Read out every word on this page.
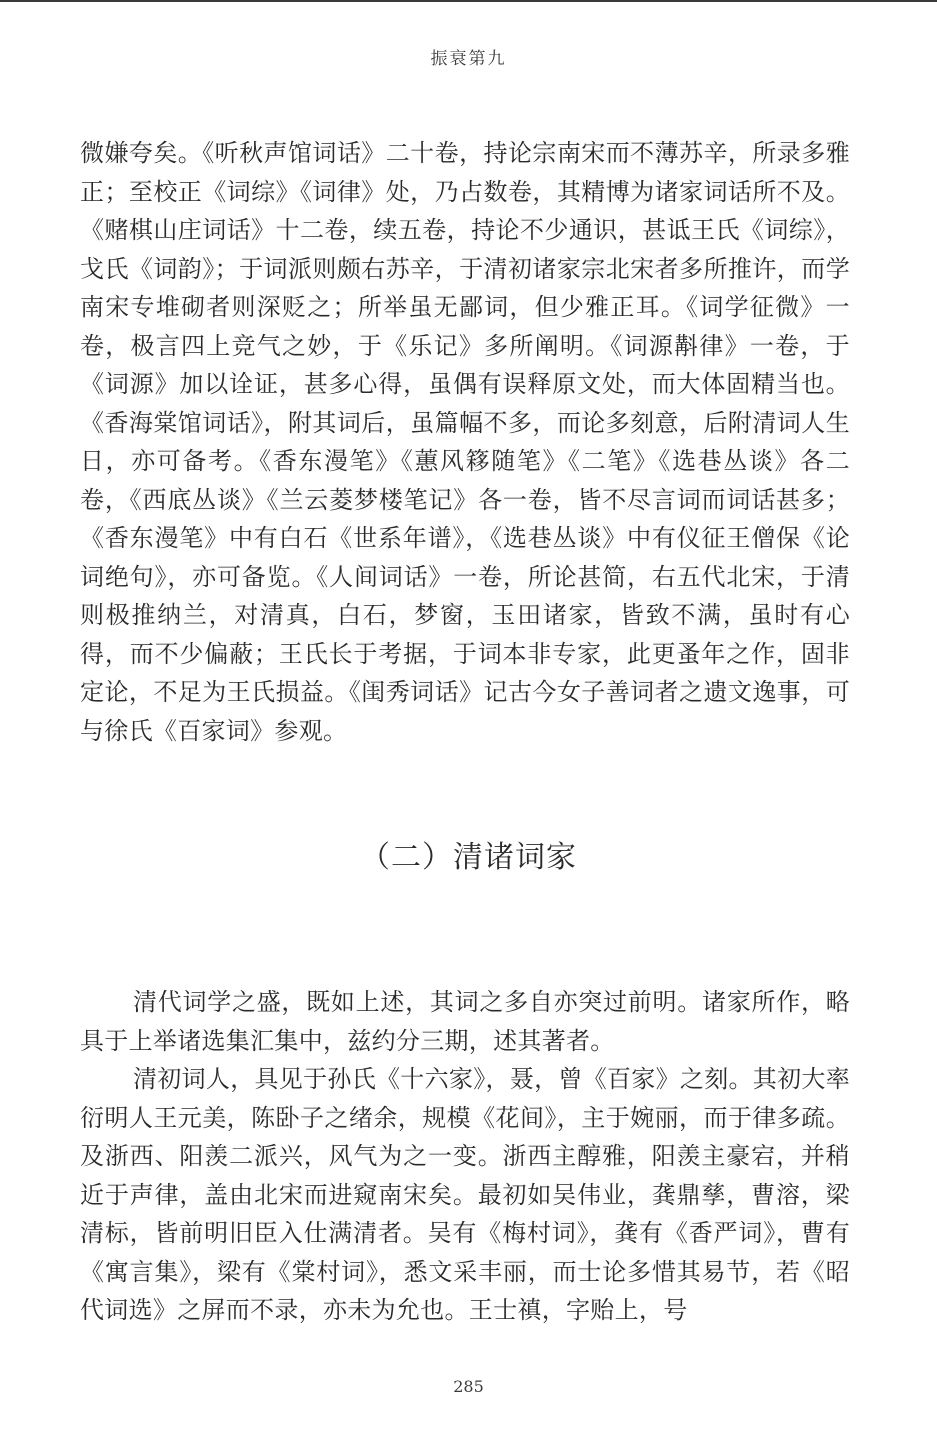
振衰第九

微嫌夸矣。《听秋声馆词话》二十卷，持论宗南宋而不薄苏辛，所录多雅正；至校正《词综》《词律》处，乃占数卷，其精博为诸家词话所不及。《赌棋山庄词话》十二卷，续五卷，持论不少通识，甚诋王氏《词综》，戈氏《词韵》；于词派则颇右苏辛，于清初诸家宗北宋者多所推许，而学南宋专堆砌者则深贬之；所举虽无鄙词，但少雅正耳。《词学征微》一卷，极言四上竞气之妙，于《乐记》多所阐明。《词源斠律》一卷，于《词源》加以诠证，甚多心得，虽偶有误释原文处，而大体固精当也。《香海棠馆词话》，附其词后，虽篇幅不多，而论多刻意，后附清词人生日，亦可备考。《香东漫笔》《蕙风簃随笔》《二笔》《选巷丛谈》各二卷，《西底丛谈》《兰云菱梦楼笔记》各一卷，皆不尽言词而词话甚多；《香东漫笔》中有白石《世系年谱》，《选巷丛谈》中有仪征王僧保《论词绝句》，亦可备览。《人间词话》一卷，所论甚简，右五代北宋，于清则极推纳兰，对清真，白石，梦窗，玉田诸家，皆致不满，虽时有心得，而不少偏蔽；王氏长于考据，于词本非专家，此更蚤年之作，固非定论，不足为王氏损益。《闺秀词话》记古今女子善词者之遗文逸事，可与徐氏《百家词》参观。

（二）清诸词家

清代词学之盛，既如上述，其词之多自亦突过前明。诸家所作，略具于上举诸选集汇集中，兹约分三期，述其著者。

清初词人，具见于孙氏《十六家》，聂，曾《百家》之刻。其初大率衍明人王元美，陈卧子之绪余，规模《花间》，主于婉丽，而于律多疏。及浙西、阳羡二派兴，风气为之一变。浙西主醇雅，阳羡主豪宕，并稍近于声律，盖由北宋而进窥南宋矣。最初如吴伟业，龚鼎孳，曹溶，梁清标，皆前明旧臣入仕满清者。吴有《梅村词》，龚有《香严词》，曹有《寓言集》，梁有《棠村词》，悉文采丰丽，而士论多惜其易节，若《昭代词选》之屏而不录，亦未为允也。王士禛，字贻上，号

285
